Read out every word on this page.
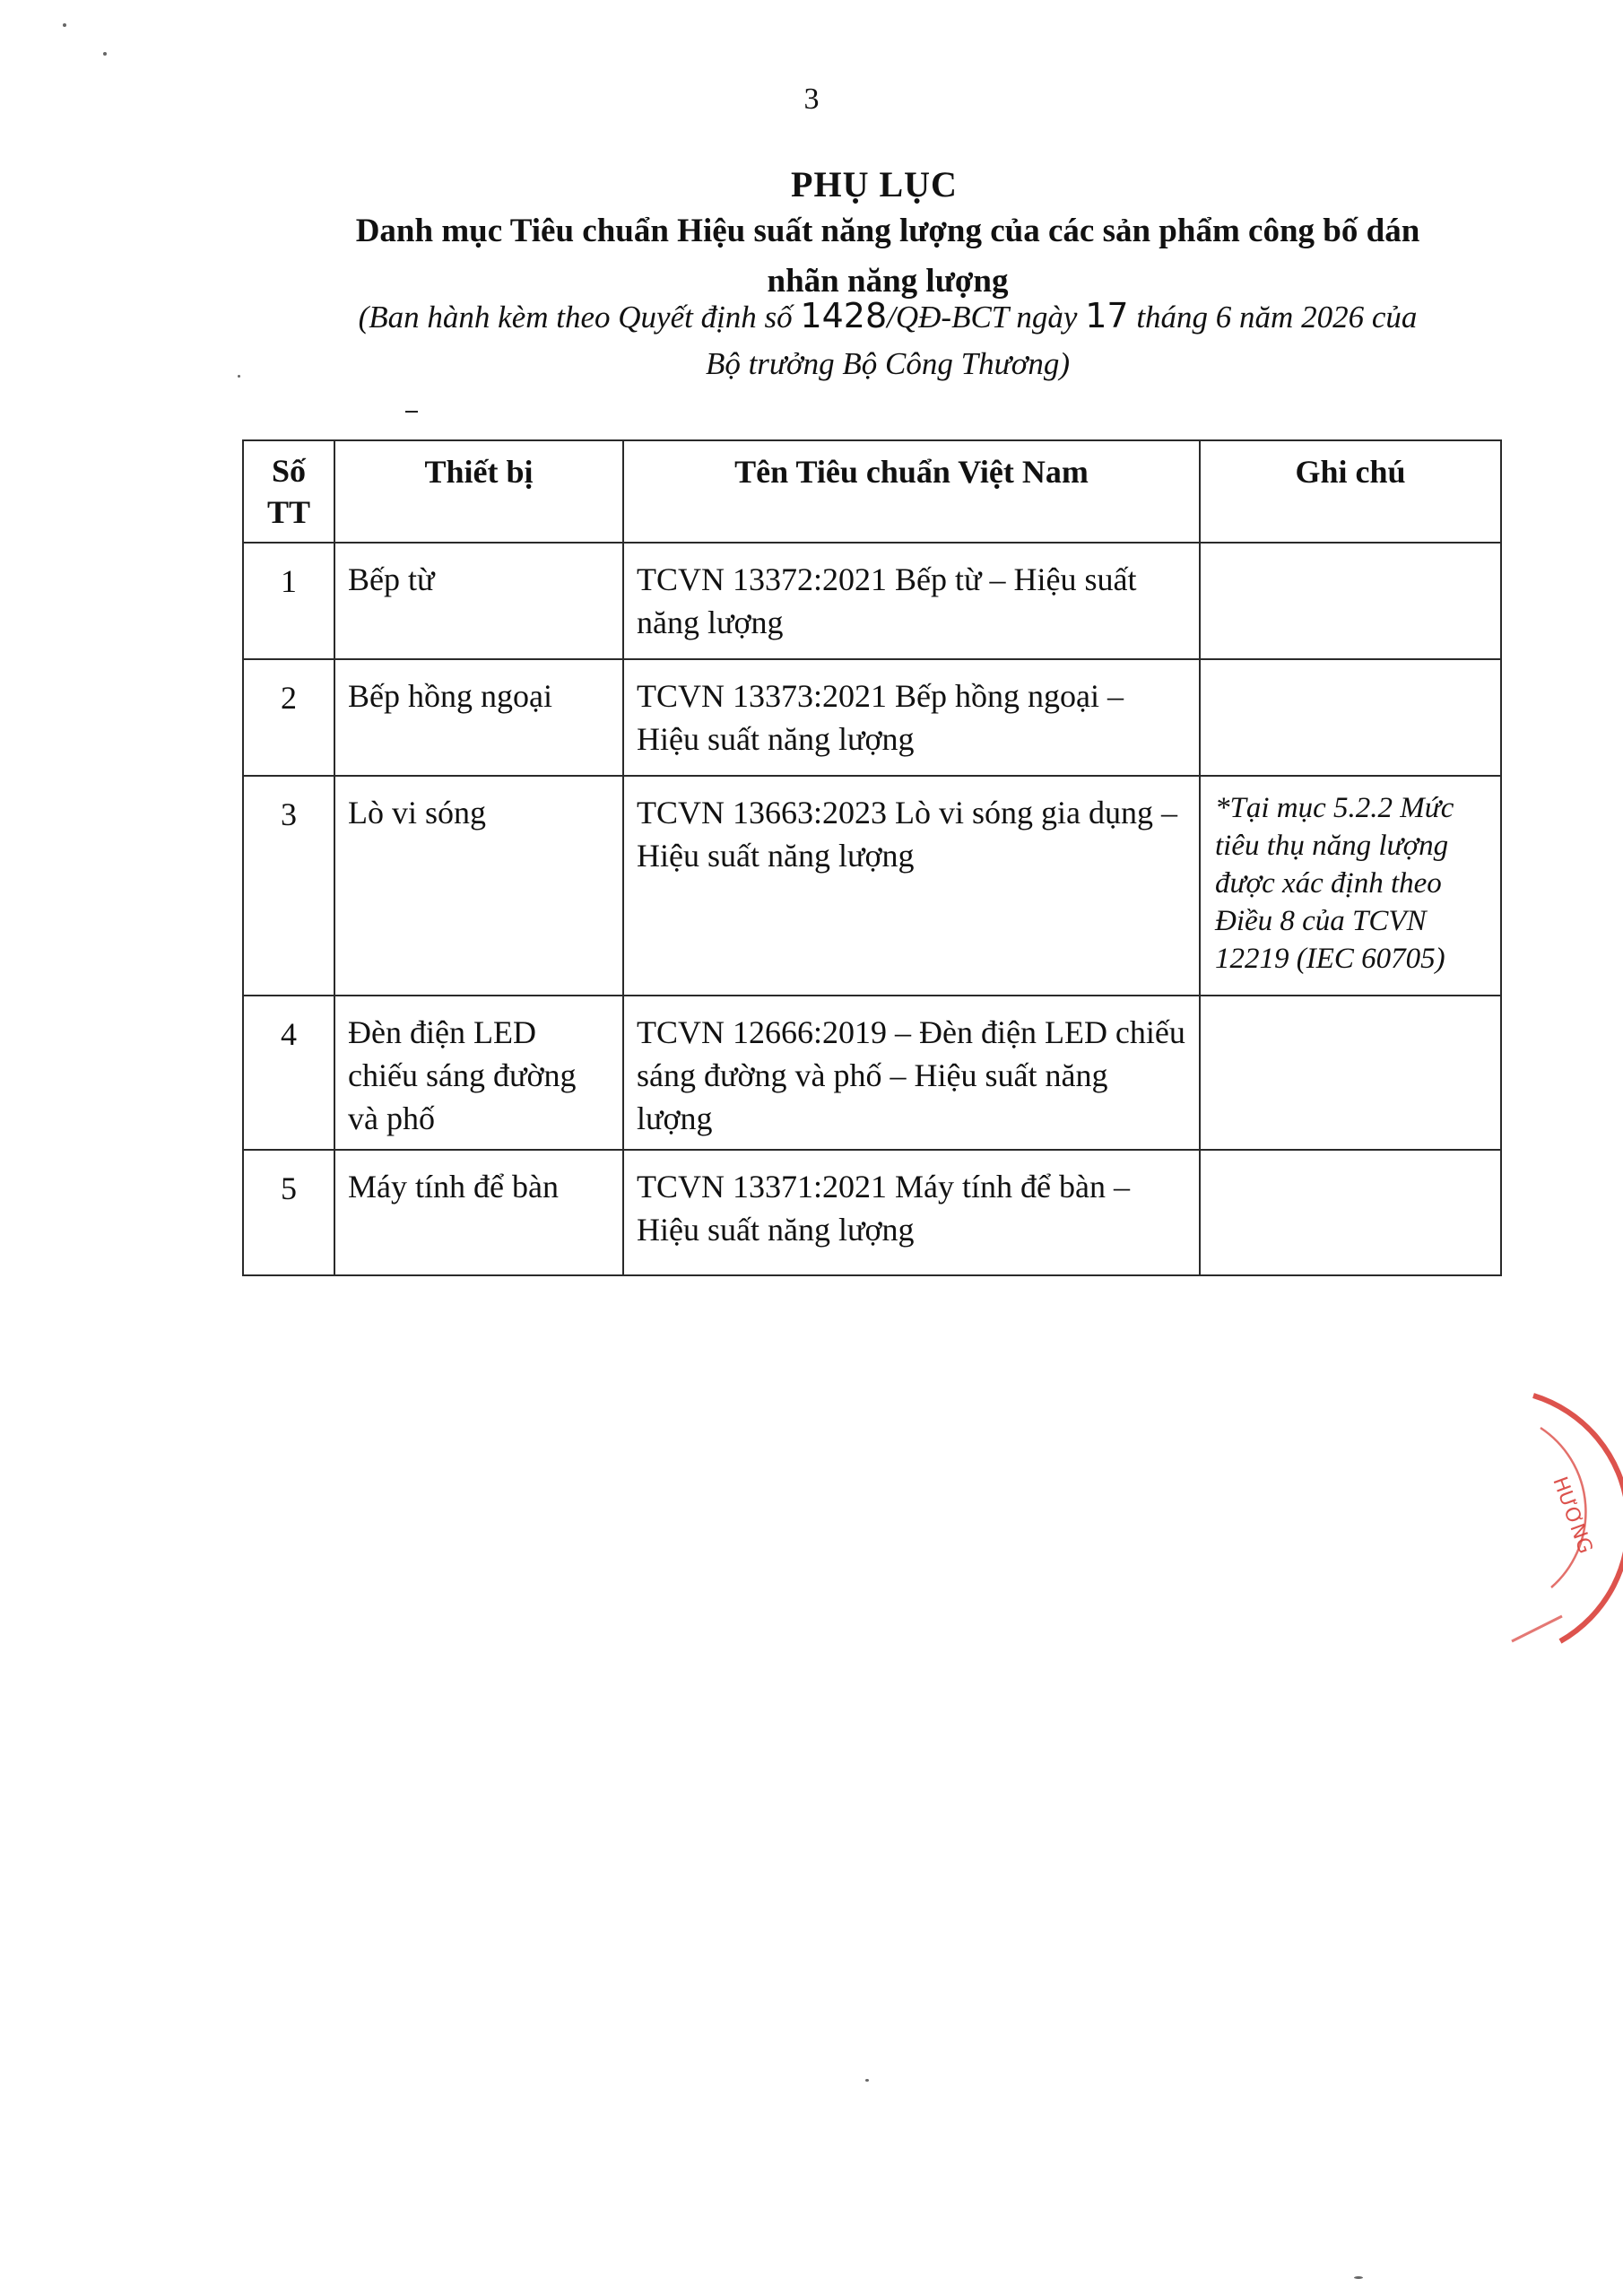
3
PHỤ LỤC
Danh mục Tiêu chuẩn Hiệu suất năng lượng của các sản phẩm công bố dán
nhãn năng lượng
(Ban hành kèm theo Quyết định số 1428/QĐ-BCT ngày 17 tháng 6 năm 2026 của
Bộ trưởng Bộ Công Thương)
Số TT	Thiết bị	Tên Tiêu chuẩn Việt Nam	Ghi chú
1	Bếp từ	TCVN 13372:2021 Bếp từ – Hiệu suất năng lượng	
2	Bếp hồng ngoại	TCVN 13373:2021 Bếp hồng ngoại – Hiệu suất năng lượng	
3	Lò vi sóng	TCVN 13663:2023 Lò vi sóng gia dụng – Hiệu suất năng lượng	*Tại mục 5.2.2 Mức tiêu thụ năng lượng được xác định theo Điều 8 của TCVN 12219 (IEC 60705)
4	Đèn điện LED chiếu sáng đường và phố	TCVN 12666:2019 – Đèn điện LED chiếu sáng đường và phố – Hiệu suất năng lượng	
5	Máy tính để bàn	TCVN 13371:2021 Máy tính để bàn – Hiệu suất năng lượng	
HƯƠNG
